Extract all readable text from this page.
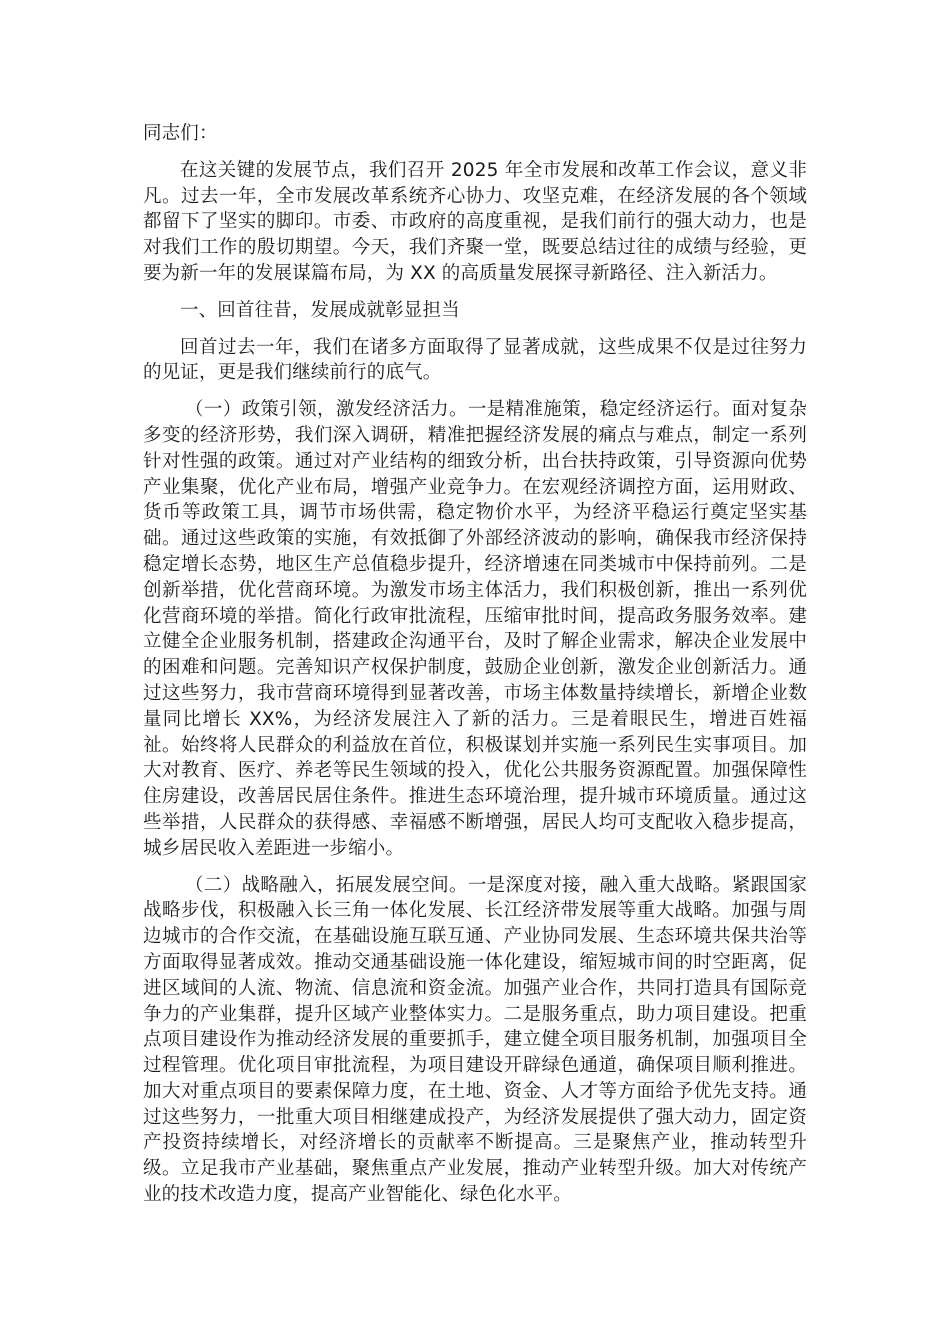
同志们：

在这关键的发展节点，我们召开 2025 年全市发展和改革工作会议，意义非凡。过去一年，全市发展改革系统齐心协力、攻坚克难，在经济发展的各个领域都留下了坚实的脚印。市委、市政府的高度重视，是我们前行的强大动力，也是对我们工作的殷切期望。今天，我们齐聚一堂，既要总结过往的成绩与经验，更要为新一年的发展谋篇布局，为 XX 的高质量发展探寻新路径、注入新活力。

一、回首往昔，发展成就彰显担当

回首过去一年，我们在诸多方面取得了显著成就，这些成果不仅是过往努力的见证，更是我们继续前行的底气。

（一）政策引领，激发经济活力。一是精准施策，稳定经济运行。面对复杂多变的经济形势，我们深入调研，精准把握经济发展的痛点与难点，制定一系列针对性强的政策。通过对产业结构的细致分析，出台扶持政策，引导资源向优势产业集聚，优化产业布局，增强产业竞争力。在宏观经济调控方面，运用财政、货币等政策工具，调节市场供需，稳定物价水平，为经济平稳运行奠定坚实基础。通过这些政策的实施，有效抵御了外部经济波动的影响，确保我市经济保持稳定增长态势，地区生产总值稳步提升，经济增速在同类城市中保持前列。二是创新举措，优化营商环境。为激发市场主体活力，我们积极创新，推出一系列优化营商环境的举措。简化行政审批流程，压缩审批时间，提高政务服务效率。建立健全企业服务机制，搭建政企沟通平台，及时了解企业需求，解决企业发展中的困难和问题。完善知识产权保护制度，鼓励企业创新，激发企业创新活力。通过这些努力，我市营商环境得到显著改善，市场主体数量持续增长，新增企业数量同比增长 XX%，为经济发展注入了新的活力。三是着眼民生，增进百姓福祉。始终将人民群众的利益放在首位，积极谋划并实施一系列民生实事项目。加大对教育、医疗、养老等民生领域的投入，优化公共服务资源配置。加强保障性住房建设，改善居民居住条件。推进生态环境治理，提升城市环境质量。通过这些举措，人民群众的获得感、幸福感不断增强，居民人均可支配收入稳步提高，城乡居民收入差距进一步缩小。

（二）战略融入，拓展发展空间。一是深度对接，融入重大战略。紧跟国家战略步伐，积极融入长三角一体化发展、长江经济带发展等重大战略。加强与周边城市的合作交流，在基础设施互联互通、产业协同发展、生态环境共保共治等方面取得显著成效。推动交通基础设施一体化建设，缩短城市间的时空距离，促进区域间的人流、物流、信息流和资金流。加强产业合作，共同打造具有国际竞争力的产业集群，提升区域产业整体实力。二是服务重点，助力项目建设。把重点项目建设作为推动经济发展的重要抓手，建立健全项目服务机制，加强项目全过程管理。优化项目审批流程，为项目建设开辟绿色通道，确保项目顺利推进。加大对重点项目的要素保障力度，在土地、资金、人才等方面给予优先支持。通过这些努力，一批重大项目相继建成投产，为经济发展提供了强大动力，固定资产投资持续增长，对经济增长的贡献率不断提高。三是聚焦产业，推动转型升级。立足我市产业基础，聚焦重点产业发展，推动产业转型升级。加大对传统产业的技术改造力度，提高产业智能化、绿色化水平。
